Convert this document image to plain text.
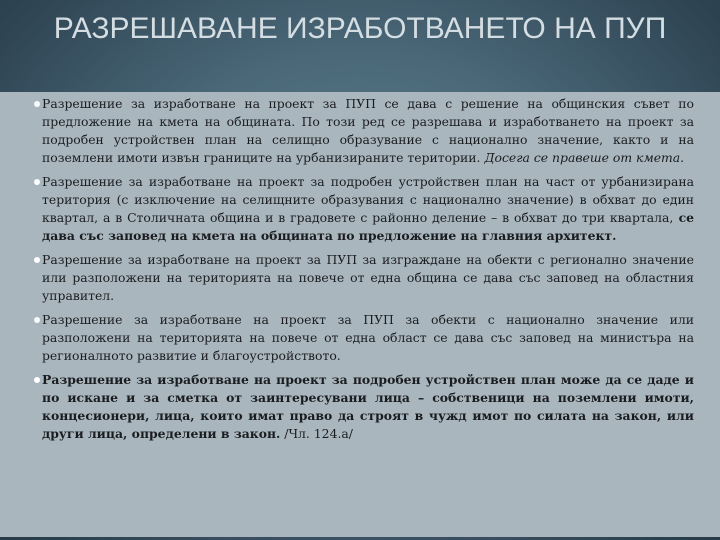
РАЗРЕШАВАНЕ ИЗРАБОТВАНЕТО НА ПУП

Разрешение за изработване на проект за ПУП се дава с решение на общинския съвет по предложение на кмета на общината. По този ред се разрешава и изработването на проект за подробен устройствен план на селищно образувание с национално значение, както и на поземлени имоти извън границите на урбанизираните територии. Досега се правеше от кмета.

Разрешение за изработване на проект за подробен устройствен план на част от урбанизирана територия (с изключение на селищните образувания с национално значение) в обхват до един квартал, а в Столичната община и в градовете с районно деление – в обхват до три квартала, се дава със заповед на кмета на общината по предложение на главния архитект.

Разрешение за изработване на проект за ПУП за изграждане на обекти с регионално значение или разположени на територията на повече от една община се дава със заповед на областния управител.

Разрешение за изработване на проект за ПУП за обекти с национално значение или разположени на територията на повече от една област се дава със заповед на министъра на регионалното развитие и благоустройството.

Разрешение за изработване на проект за подробен устройствен план може да се даде и по искане и за сметка от заинтересувани лица – собственици на поземлени имоти, концесионери, лица, които имат право да строят в чужд имот по силата на закон, или други лица, определени в закон. /Чл. 124.а/
